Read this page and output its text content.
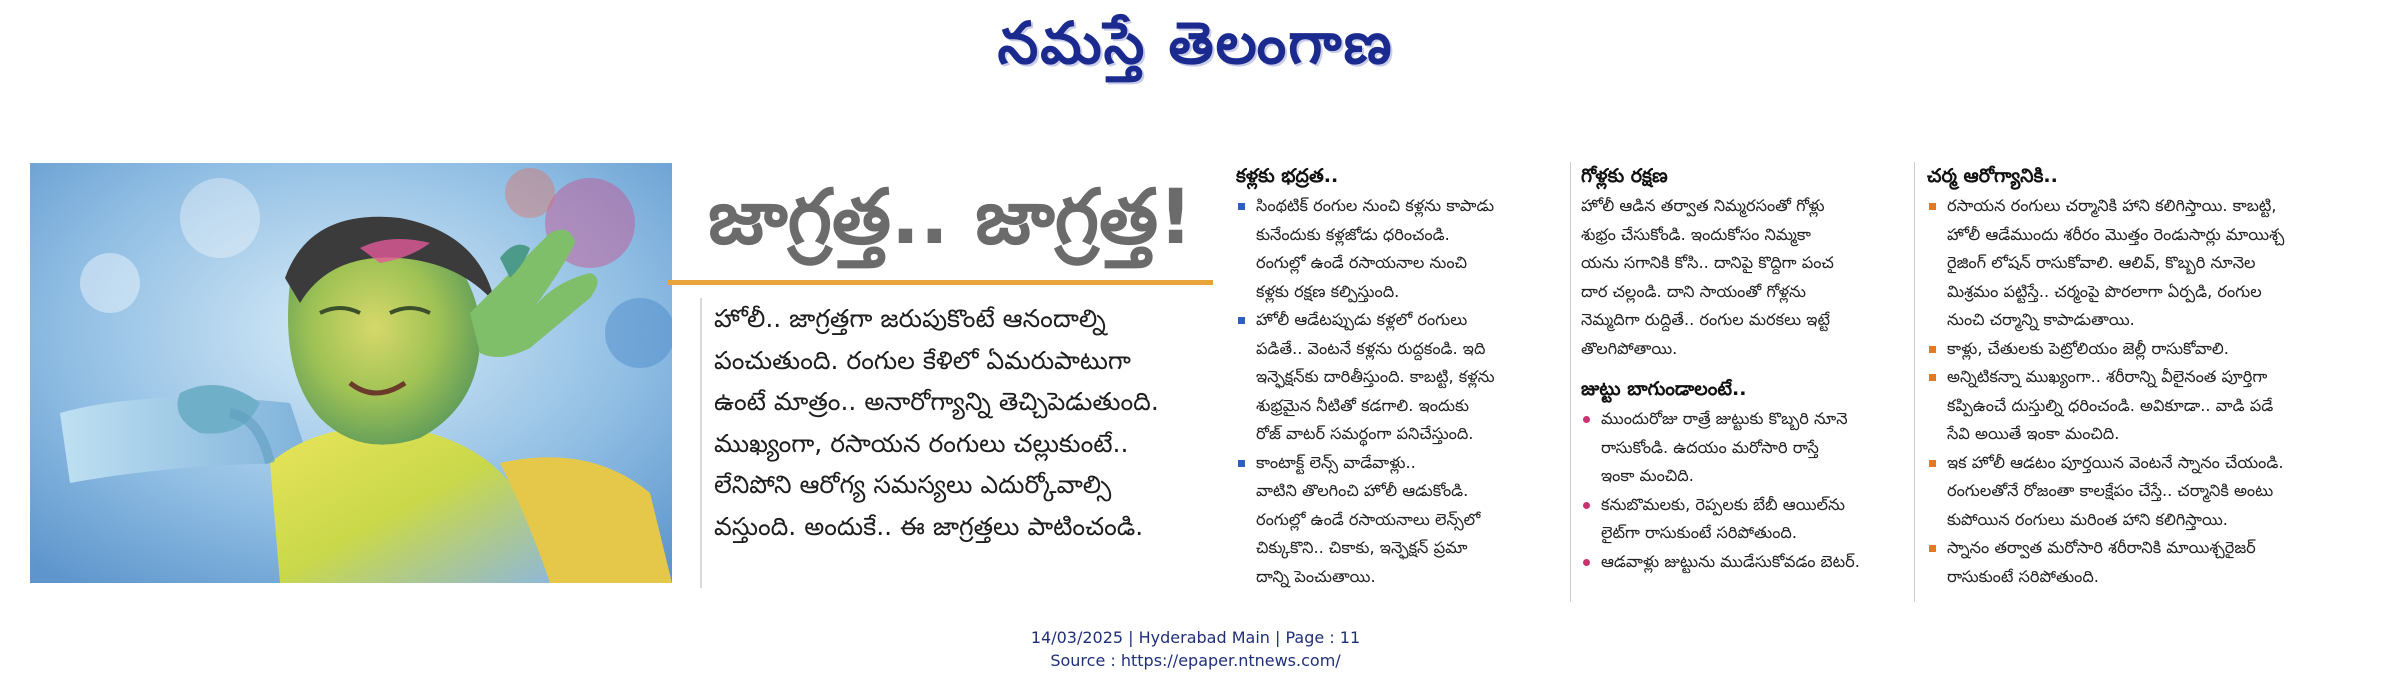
నమస్తే తెలంగాణ
జాగ్రత్త.. జాగ్రత్త!
హోలీ.. జాగ్రత్తగా జరుపుకొంటే ఆనందాల్ని
పంచుతుంది. రంగుల కేళిలో ఏమరుపాటుగా
ఉంటే మాత్రం.. అనారోగ్యాన్ని తెచ్చిపెడుతుంది.
ముఖ్యంగా, రసాయన రంగులు చల్లుకుంటే..
లేనిపోని ఆరోగ్య సమస్యలు ఎదుర్కోవాల్సి
వస్తుంది. అందుకే.. ఈ జాగ్రత్తలు పాటించండి.
కళ్లకు భద్రత..
సింథటిక్ రంగుల నుంచి కళ్లను కాపాడు
కునేందుకు కళ్లజోడు ధరించండి.
రంగుల్లో ఉండే రసాయనాల నుంచి
కళ్లకు రక్షణ కల్పిస్తుంది.
హోలీ ఆడేటప్పుడు కళ్లలో రంగులు
పడితే.. వెంటనే కళ్లను రుద్దకండి. ఇది
ఇన్ఫెక్షన్‌కు దారితీస్తుంది. కాబట్టి, కళ్లను
శుభ్రమైన నీటితో కడగాలి. ఇందుకు
రోజ్ వాటర్ సమర్థంగా పనిచేస్తుంది.
కాంటాక్ట్ లెన్స్ వాడేవాళ్లు..
వాటిని తొలగించి హోలీ ఆడుకోండి.
రంగుల్లో ఉండే రసాయనాలు లెన్స్‌లో
చిక్కుకొని.. చికాకు, ఇన్ఫెక్షన్ ప్రమా
దాన్ని పెంచుతాయి.
గోళ్లకు రక్షణ
హోలీ ఆడిన తర్వాత నిమ్మరసంతో గోళ్లు
శుభ్రం చేసుకోండి. ఇందుకోసం నిమ్మకా
యను సగానికి కోసి.. దానిపై కొద్దిగా పంచ
దార చల్లండి. దాని సాయంతో గోళ్లను
నెమ్మదిగా రుద్దితే.. రంగుల మరకలు ఇట్టే
తొలగిపోతాయి.
జుట్టు బాగుండాలంటే..
ముందురోజు రాత్రే జుట్టుకు కొబ్బరి నూనె
రాసుకోండి. ఉదయం మరోసారి రాస్తే
ఇంకా మంచిది.
కనుబొమలకు, రెప్పలకు బేబీ ఆయిల్‌ను
లైట్‌గా రాసుకుంటే సరిపోతుంది.
ఆడవాళ్లు జుట్టును ముడేసుకోవడం బెటర్.
చర్మ ఆరోగ్యానికి..
రసాయన రంగులు చర్మానికి హాని కలిగిస్తాయి. కాబట్టి,
హోలీ ఆడేముందు శరీరం మొత్తం రెండుసార్లు మాయిశ్చ
రైజింగ్ లోషన్ రాసుకోవాలి. ఆలివ్, కొబ్బరి నూనెల
మిశ్రమం పట్టిస్తే.. చర్మంపై పొరలాగా ఏర్పడి, రంగుల
నుంచి చర్మాన్ని కాపాడుతాయి.
కాళ్లు, చేతులకు పెట్రోలియం జెల్లీ రాసుకోవాలి.
అన్నిటికన్నా ముఖ్యంగా.. శరీరాన్ని వీలైనంత పూర్తిగా
కప్పిఉంచే దుస్తుల్ని ధరించండి. అవికూడా.. వాడి పడే
సేవి అయితే ఇంకా మంచిది.
ఇక హోలీ ఆడటం పూర్తయిన వెంటనే స్నానం చేయండి.
రంగులతోనే రోజంతా కాలక్షేపం చేస్తే.. చర్మానికి అంటు
కుపోయిన రంగులు మరింత హాని కలిగిస్తాయి.
స్నానం తర్వాత మరోసారి శరీరానికి మాయిశ్చరైజర్
రాసుకుంటే సరిపోతుంది.
14/03/2025 | Hyderabad Main | Page : 11
Source : https://epaper.ntnews.com/
